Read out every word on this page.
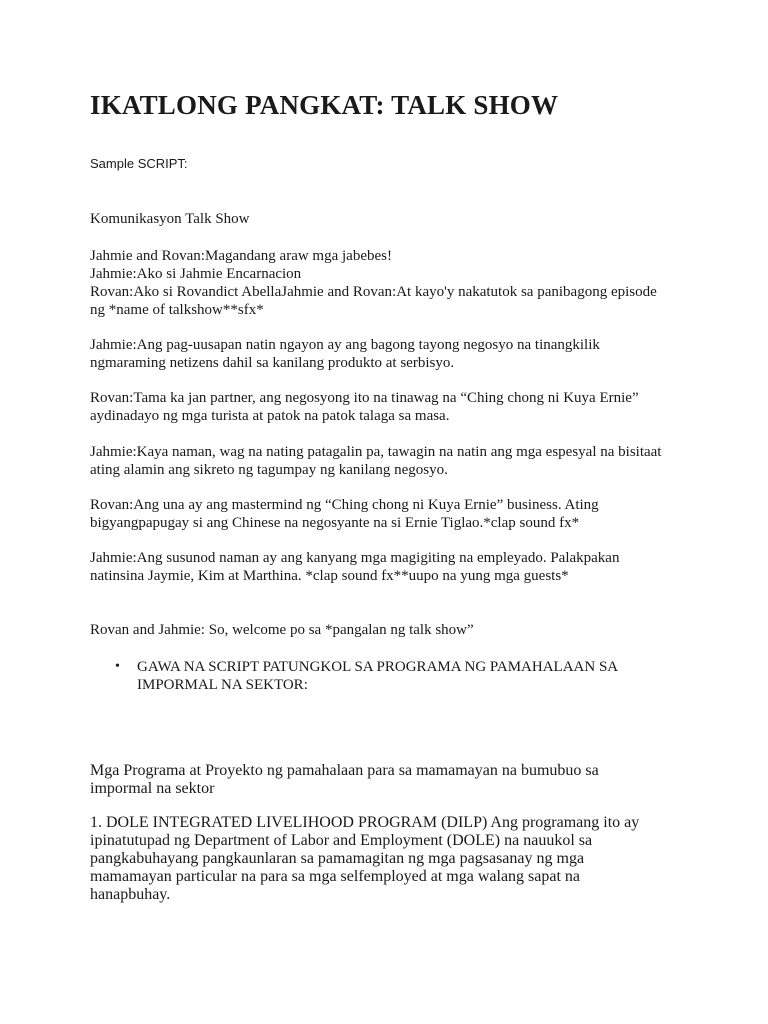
IKATLONG PANGKAT: TALK SHOW
Sample SCRIPT:

Komunikasyon Talk Show

Jahmie and Rovan:Magandang araw mga jabebes!
Jahmie:Ako si Jahmie Encarnacion
Rovan:Ako si Rovandict AbellaJahmie and Rovan:At kayo'y nakatutok sa panibagong episode
ng *name of talkshow**sfx*

Jahmie:Ang pag-uusapan natin ngayon ay ang bagong tayong negosyo na tinangkilik
ngmaraming netizens dahil sa kanilang produkto at serbisyo.

Rovan:Tama ka jan partner, ang negosyong ito na tinawag na “Ching chong ni Kuya Ernie”
aydinadayo ng mga turista at patok na patok talaga sa masa.

Jahmie:Kaya naman, wag na nating patagalin pa, tawagin na natin ang mga espesyal na bisitaat
ating alamin ang sikreto ng tagumpay ng kanilang negosyo.

Rovan:Ang una ay ang mastermind ng “Ching chong ni Kuya Ernie” business. Ating
bigyangpapugay si ang Chinese na negosyante na si Ernie Tiglao.*clap sound fx*

Jahmie:Ang susunod naman ay ang kanyang mga magigiting na empleyado. Palakpakan
natinsina Jaymie, Kim at Marthina. *clap sound fx**uupo na yung mga guests*

Rovan and Jahmie: So, welcome po sa *pangalan ng talk show”

• GAWA NA SCRIPT PATUNGKOL SA PROGRAMA NG PAMAHALAAN SA
IMPORMAL NA SEKTOR:

Mga Programa at Proyekto ng pamahalaan para sa mamamayan na bumubuo sa
impormal na sektor

1. DOLE INTEGRATED LIVELIHOOD PROGRAM (DILP) Ang programang ito ay
ipinatutupad ng Department of Labor and Employment (DOLE) na nauukol sa
pangkabuhayang pangkaunlaran sa pamamagitan ng mga pagsasanay ng mga
mamamayan particular na para sa mga selfemployed at mga walang sapat na
hanapbuhay.
